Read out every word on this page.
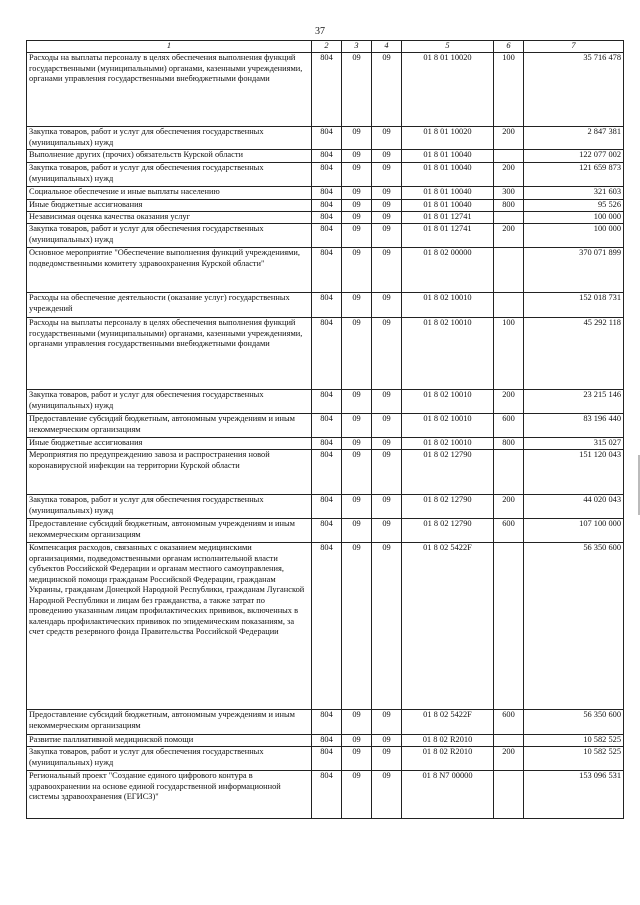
37
1	2	3	4	5	6	7
Расходы на выплаты персоналу в целях обеспечения выполнения функций государственными (муниципальными) органами, казенными учреждениями, органами управления государственными внебюджетными фондами	804	09	09	01 8 01 10020	100	35 716 478
Закупка товаров, работ и услуг для обеспечения государственных (муниципальных) нужд	804	09	09	01 8 01 10020	200	2 847 381
Выполнение других (прочих) обязательств Курской области	804	09	09	01 8 01 10040		122 077 002
Закупка товаров, работ и услуг для обеспечения государственных (муниципальных) нужд	804	09	09	01 8 01 10040	200	121 659 873
Социальное обеспечение и иные выплаты населению	804	09	09	01 8 01 10040	300	321 603
Иные бюджетные ассигнования	804	09	09	01 8 01 10040	800	95 526
Независимая оценка качества оказания услуг	804	09	09	01 8 01 12741		100 000
Закупка товаров, работ и услуг для обеспечения государственных (муниципальных) нужд	804	09	09	01 8 01 12741	200	100 000
Основное мероприятие "Обеспечение выполнения функций учреждениями, подведомственными комитету здравоохранения Курской области"	804	09	09	01 8 02 00000		370 071 899
Расходы на обеспечение деятельности (оказание услуг) государственных учреждений	804	09	09	01 8 02 10010		152 018 731
Расходы на выплаты персоналу в целях обеспечения выполнения функций государственными (муниципальными) органами, казенными учреждениями, органами управления государственными внебюджетными фондами	804	09	09	01 8 02 10010	100	45 292 118
Закупка товаров, работ и услуг для обеспечения государственных (муниципальных) нужд	804	09	09	01 8 02 10010	200	23 215 146
Предоставление субсидий бюджетным, автономным учреждениям и иным некоммерческим организациям	804	09	09	01 8 02 10010	600	83 196 440
Иные бюджетные ассигнования	804	09	09	01 8 02 10010	800	315 027
Мероприятия по предупреждению завоза и распространения новой коронавирусной инфекции на территории Курской области	804	09	09	01 8 02 12790		151 120 043
Закупка товаров, работ и услуг для обеспечения государственных (муниципальных) нужд	804	09	09	01 8 02 12790	200	44 020 043
Предоставление субсидий бюджетным, автономным учреждениям и иным некоммерческим организациям	804	09	09	01 8 02 12790	600	107 100 000
Компенсация расходов, связанных с оказанием медицинскими организациями, подведомственными органам исполнительной власти субъектов Российской Федерации и органам местного самоуправления, медицинской помощи гражданам Российской Федерации, гражданам Украины, гражданам Донецкой Народной Республики, гражданам Луганской Народной Республики и лицам без гражданства, а также затрат по проведению указанным лицам профилактических прививок, включенных в календарь профилактических прививок по эпидемическим показаниям, за счет средств резервного фонда Правительства Российской Федерации	804	09	09	01 8 02 5422F		56 350 600
Предоставление субсидий бюджетным, автономным учреждениям и иным некоммерческим организациям	804	09	09	01 8 02 5422F	600	56 350 600
Развитие паллиативной медицинской помощи	804	09	09	01 8 02 R2010		10 582 525
Закупка товаров, работ и услуг для обеспечения государственных (муниципальных) нужд	804	09	09	01 8 02 R2010	200	10 582 525
Региональный проект "Создание единого цифрового контура в здравоохранении на основе единой государственной информационной системы здравоохранения (ЕГИСЗ)"	804	09	09	01 8 N7 00000		153 096 531
